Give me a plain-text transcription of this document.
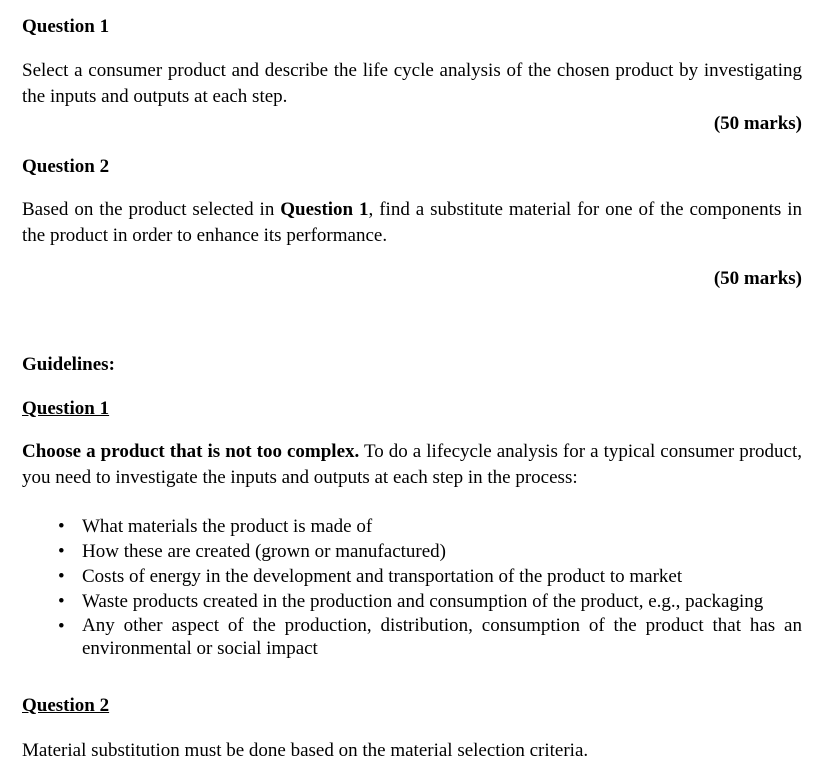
Question 1
Select a consumer product and describe the life cycle analysis of the chosen product by investigating the inputs and outputs at each step.
(50 marks)
Question 2
Based on the product selected in Question 1, find a substitute material for one of the components in the product in order to enhance its performance.
(50 marks)
Guidelines:
Question 1
Choose a product that is not too complex. To do a lifecycle analysis for a typical consumer product, you need to investigate the inputs and outputs at each step in the process:
• What materials the product is made of
• How these are created (grown or manufactured)
• Costs of energy in the development and transportation of the product to market
• Waste products created in the production and consumption of the product, e.g., packaging
• Any other aspect of the production, distribution, consumption of the product that has an environmental or social impact
Question 2
Material substitution must be done based on the material selection criteria.
